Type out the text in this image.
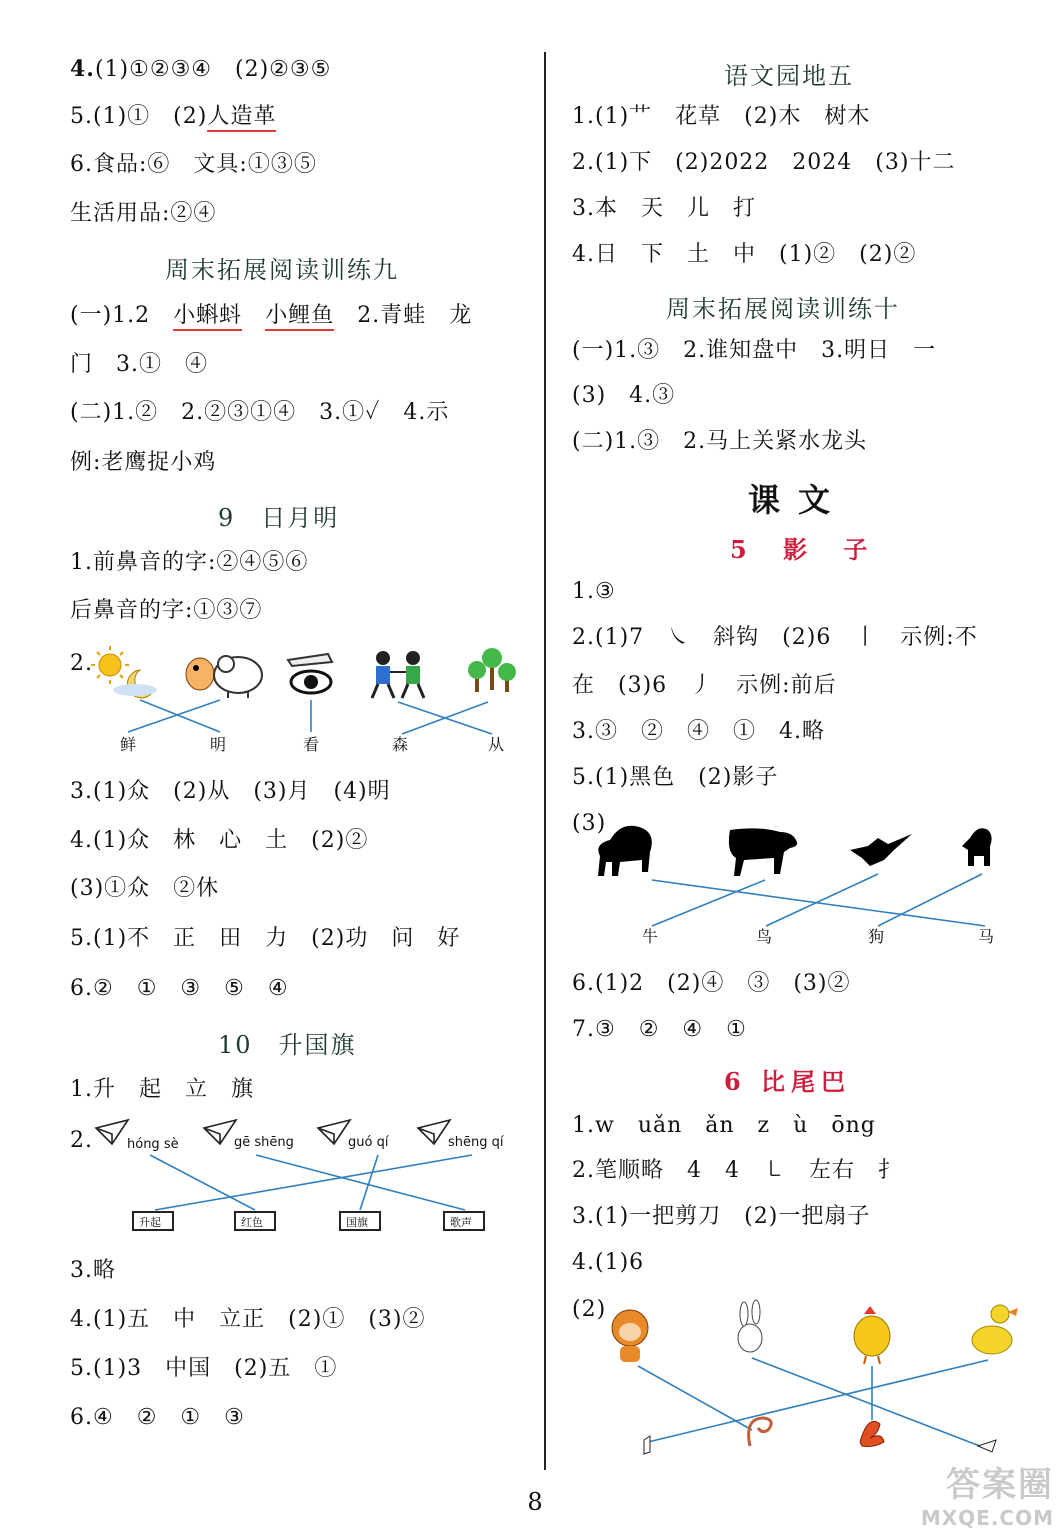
4.(1)①②③④　(2)②③⑤
5.(1)①　(2)人造革
6.食品:⑥　文具:①③⑤
生活用品:②④
周末拓展阅读训练九
(一)1.2　小蝌蚪　 小鲤鱼　 2.青蛙　龙
门　3.①　④
(二)1.②　2.②③①④　3.①✓　4.示
例:老鹰捉小鸡
9　日月明
1.前鼻音的字:②④⑤⑥
后鼻音的字:①③⑦
2.
鲜	明	看	森	从
3.(1)众　(2)从　(3)月　(4)明
4.(1)众　林　心　土　(2)②
(3)①众　②休
5.(1)不　正　田　力　(2)功　问　好
6.②　①　③　⑤　④
10　升国旗
1.升　起　立　旗
2.	hóng sè	gē shēng	guó qí	shēng qí
升起	红色	国旗	歌声
3.略
4.(1)五　中　立正　(2)①　(3)②
5.(1)3　中国　(2)五　①
6.④　②　①　③
语文园地五
1.(1)艹　花草　(2)木　树木
2.(1)下　(2)2022　2024　(3)十二
3.本　天　儿　打
4.日　下　土　中　(1)②　(2)②
周末拓展阅读训练十
(一)1.③　2.谁知盘中　3.明日　一
(3)　4.③
(二)1.③　2.马上关紧水龙头
课文
5 影 子
1.③
2.(1)7　㇏　斜钩　(2)6　丨　示例:不
在　(3)6　丿　示例:前后
3.③　②　④　①　4.略
5.(1)黑色　(2)影子
(3)
牛	鸟	狗	马
6.(1)2　(2)④　③　(3)②
7.③　②　④　①
6 比尾巴
1.w　uǎn　ǎn　z　ù　ōng
2.笔顺略　4　4　㇄　左右　扌
3.(1)一把剪刀　(2)一把扇子
4.(1)6
(2)
8	答案圈
MXQE.COM
